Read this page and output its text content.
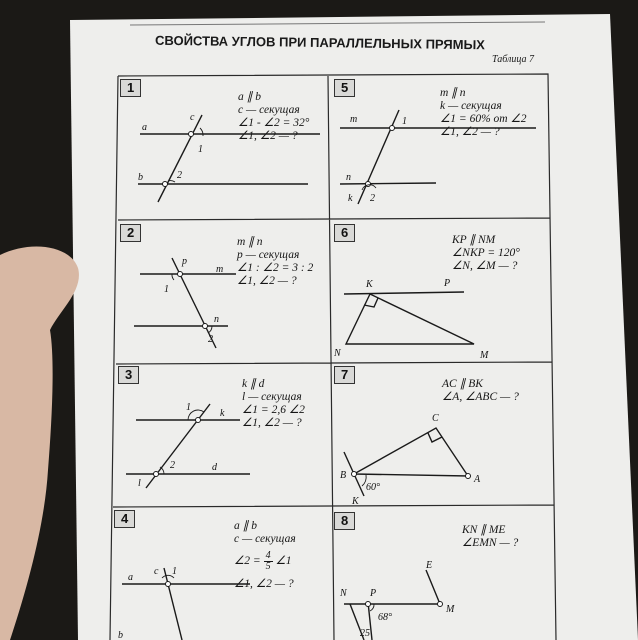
СВОЙСТВА УГЛОВ ПРИ ПАРАЛЛЕЛЬНЫХ ПРЯМЫХ
Таблица 7
1
a ∥ b
c — секущая
∠1 - ∠2 = 32°
∠1, ∠2 — ?
a
b
c
1
2
5	m ∥ n
k — секущая
∠1 = 60% от ∠2
∠1, ∠2 — ?
m
n
k
1
2
2
m ∥ n
p — секущая
∠1 : ∠2 = 3 : 2
∠1, ∠2 — ?
p
m
n
1
2
6	KP ∥ NM
∠NKP = 120°
∠N, ∠M — ?
K	P
N	M
3
k ∥ d
l — секущая
∠1 = 2,6 ∠2
∠1, ∠2 — ?
1
k
d
l
2
7
AC ∥ BK
∠A, ∠ABC — ?
C
B	A
K
60°
4	a ∥ b
c — секущая
∠2 = $\frac{4}{5}$ ∠1
∠1, ∠2 — ?
a
c 1
b
8
KN ∥ ME
∠EMN — ?
E
N P
M
68°
25
